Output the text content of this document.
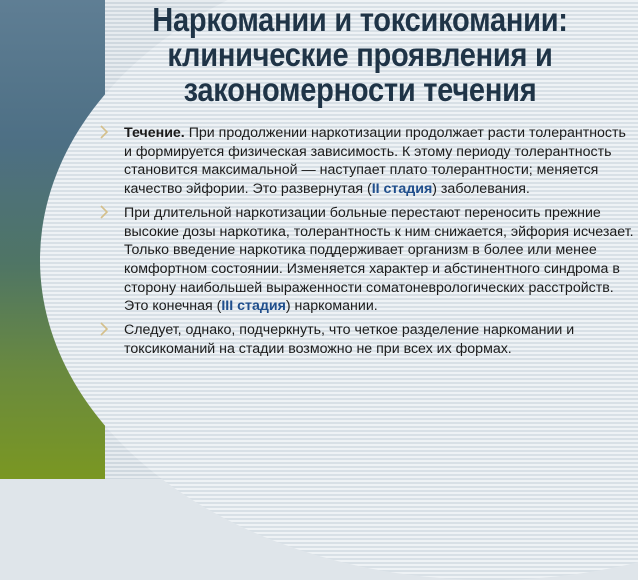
Наркомании и токсикомании:
клинические проявления и
закономерности течения
Течение. При продолжении наркотизации продолжает расти толерантность и формируется физическая зависимость. К этому периоду толерантность становится максимальной — наступает плато толерантности; меняется качество эйфории. Это развернутая (II стадия) заболевания.
При длительной наркотизации больные перестают переносить прежние высокие дозы наркотика, толерантность к ним снижается, эйфория исчезает. Только введение наркотика поддерживает организм в более или менее комфортном состоянии. Изменяется характер и абстинентного синдрома в сторону наибольшей выраженности соматоневрологических расстройств. Это конечная (III стадия) наркомании.
Следует, однако, подчеркнуть, что четкое разделение наркомании и токсикоманий на стадии возможно не при всех их формах.
